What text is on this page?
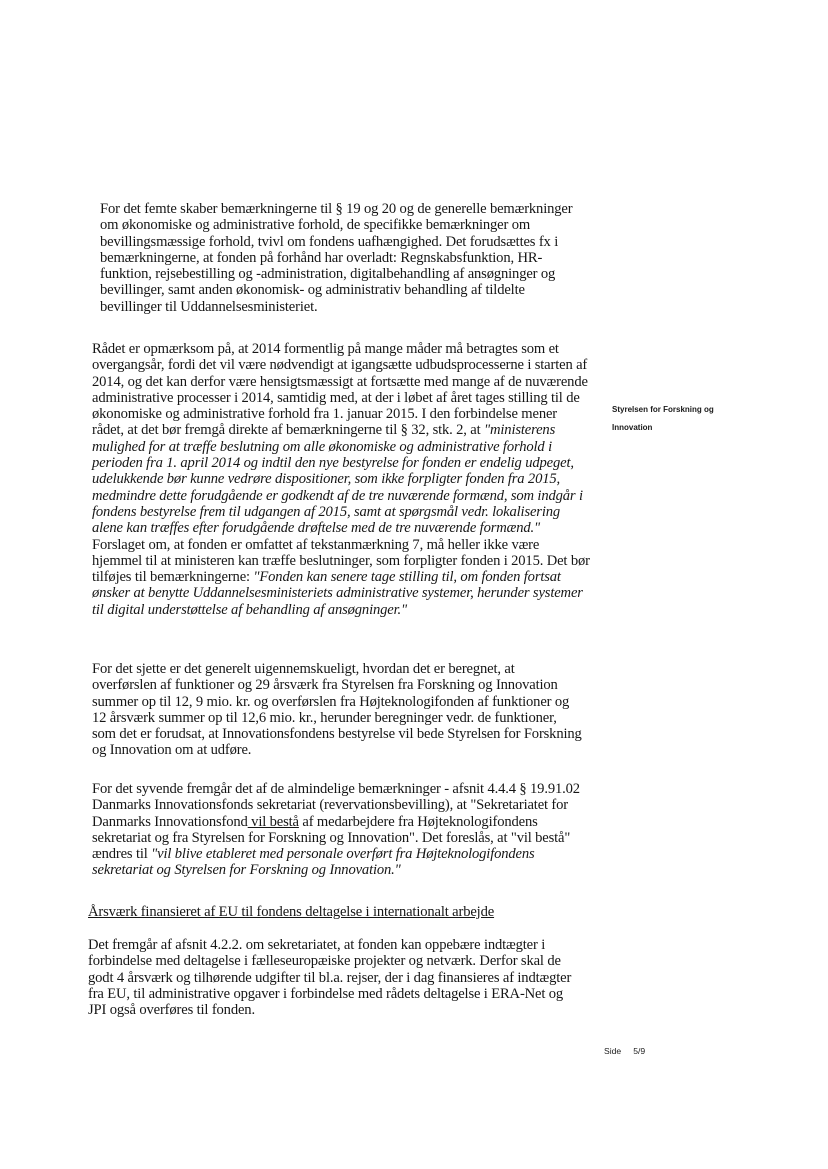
For det femte skaber bemærkningerne til § 19 og 20 og de generelle bemærkninger
om økonomiske og administrative forhold, de specifikke bemærkninger om
bevillingsmæssige forhold, tvivl om fondens uafhængighed. Det forudsættes fx i
bemærkningerne, at fonden på forhånd har overladt: Regnskabsfunktion, HR-
funktion, rejsebestilling og -administration, digitalbehandling af ansøgninger og
bevillinger, samt anden økonomisk- og administrativ behandling af tildelte
bevillinger til Uddannelsesministeriet.

Rådet er opmærksom på, at 2014 formentlig på mange måder må betragtes som et overgangsår, fordi det vil være nødvendigt at igangsætte udbudsprocesserne i starten af 2014, og det kan derfor være hensigtsmæssigt at fortsætte med mange af de nuværende administrative processer i 2014, samtidig med, at der i løbet af året tages stilling til de økonomiske og administrative forhold fra 1. januar 2015. I den forbindelse mener rådet, at det bør fremgå direkte af bemærkningerne til § 32, stk. 2, at "ministerens mulighed for at træffe beslutning om alle økonomiske og administrative forhold i perioden fra 1. april 2014 og indtil den nye bestyrelse for fonden er endelig udpeget, udelukkende bør kunne vedrøre dispositioner, som ikke forpligter fonden fra 2015, medmindre dette forudgående er godkendt af de tre nuværende formænd, som indgår i fondens bestyrelse frem til udgangen af 2015, samt at spørgsmål vedr. lokalisering alene kan træffes efter forudgående drøftelse med de tre nuværende formænd." Forslaget om, at fonden er omfattet af tekstanmærkning 7, må heller ikke være hjemmel til at ministeren kan træffe beslutninger, som forpligter fonden i 2015. Det bør tilføjes til bemærkningerne: "Fonden kan senere tage stilling til, om fonden fortsat ønsker at benytte Uddannelsesministeriets administrative systemer, herunder systemer til digital understøttelse af behandling af ansøgninger."

For det sjette er det generelt uigennemskueligt, hvordan det er beregnet, at overførslen af funktioner og 29 årsværk fra Styrelsen fra Forskning og Innovation summer op til 12, 9 mio. kr. og overførslen fra Højteknologifonden af funktioner og 12 årsværk summer op til 12,6 mio. kr., herunder beregninger vedr. de funktioner, som det er forudsat, at Innovationsfondens bestyrelse vil bede Styrelsen for Forskning og Innovation om at udføre.

For det syvende fremgår det af de almindelige bemærkninger - afsnit 4.4.4 § 19.91.02 Danmarks Innovationsfonds sekretariat (revervationsbevilling), at "Sekretariatet for Danmarks Innovationsfond vil bestå af medarbejdere fra Højteknologifondens sekretariat og fra Styrelsen for Forskning og Innovation". Det foreslås, at "vil bestå" ændres til "vil blive etableret med personale overført fra Højteknologifondens sekretariat og Styrelsen for Forskning og Innovation."

Årsværk finansieret af EU til fondens deltagelse i internationalt arbejde

Det fremgår af afsnit 4.2.2. om sekretariatet, at fonden kan oppebære indtægter i forbindelse med deltagelse i fælleseuropæiske projekter og netværk. Derfor skal de godt 4 årsværk og tilhørende udgifter til bl.a. rejser, der i dag finansieres af indtægter fra EU, til administrative opgaver i forbindelse med rådets deltagelse i ERA-Net og JPI også overføres til fonden.

Styrelsen for Forskning og
Innovation
Side 5/9
